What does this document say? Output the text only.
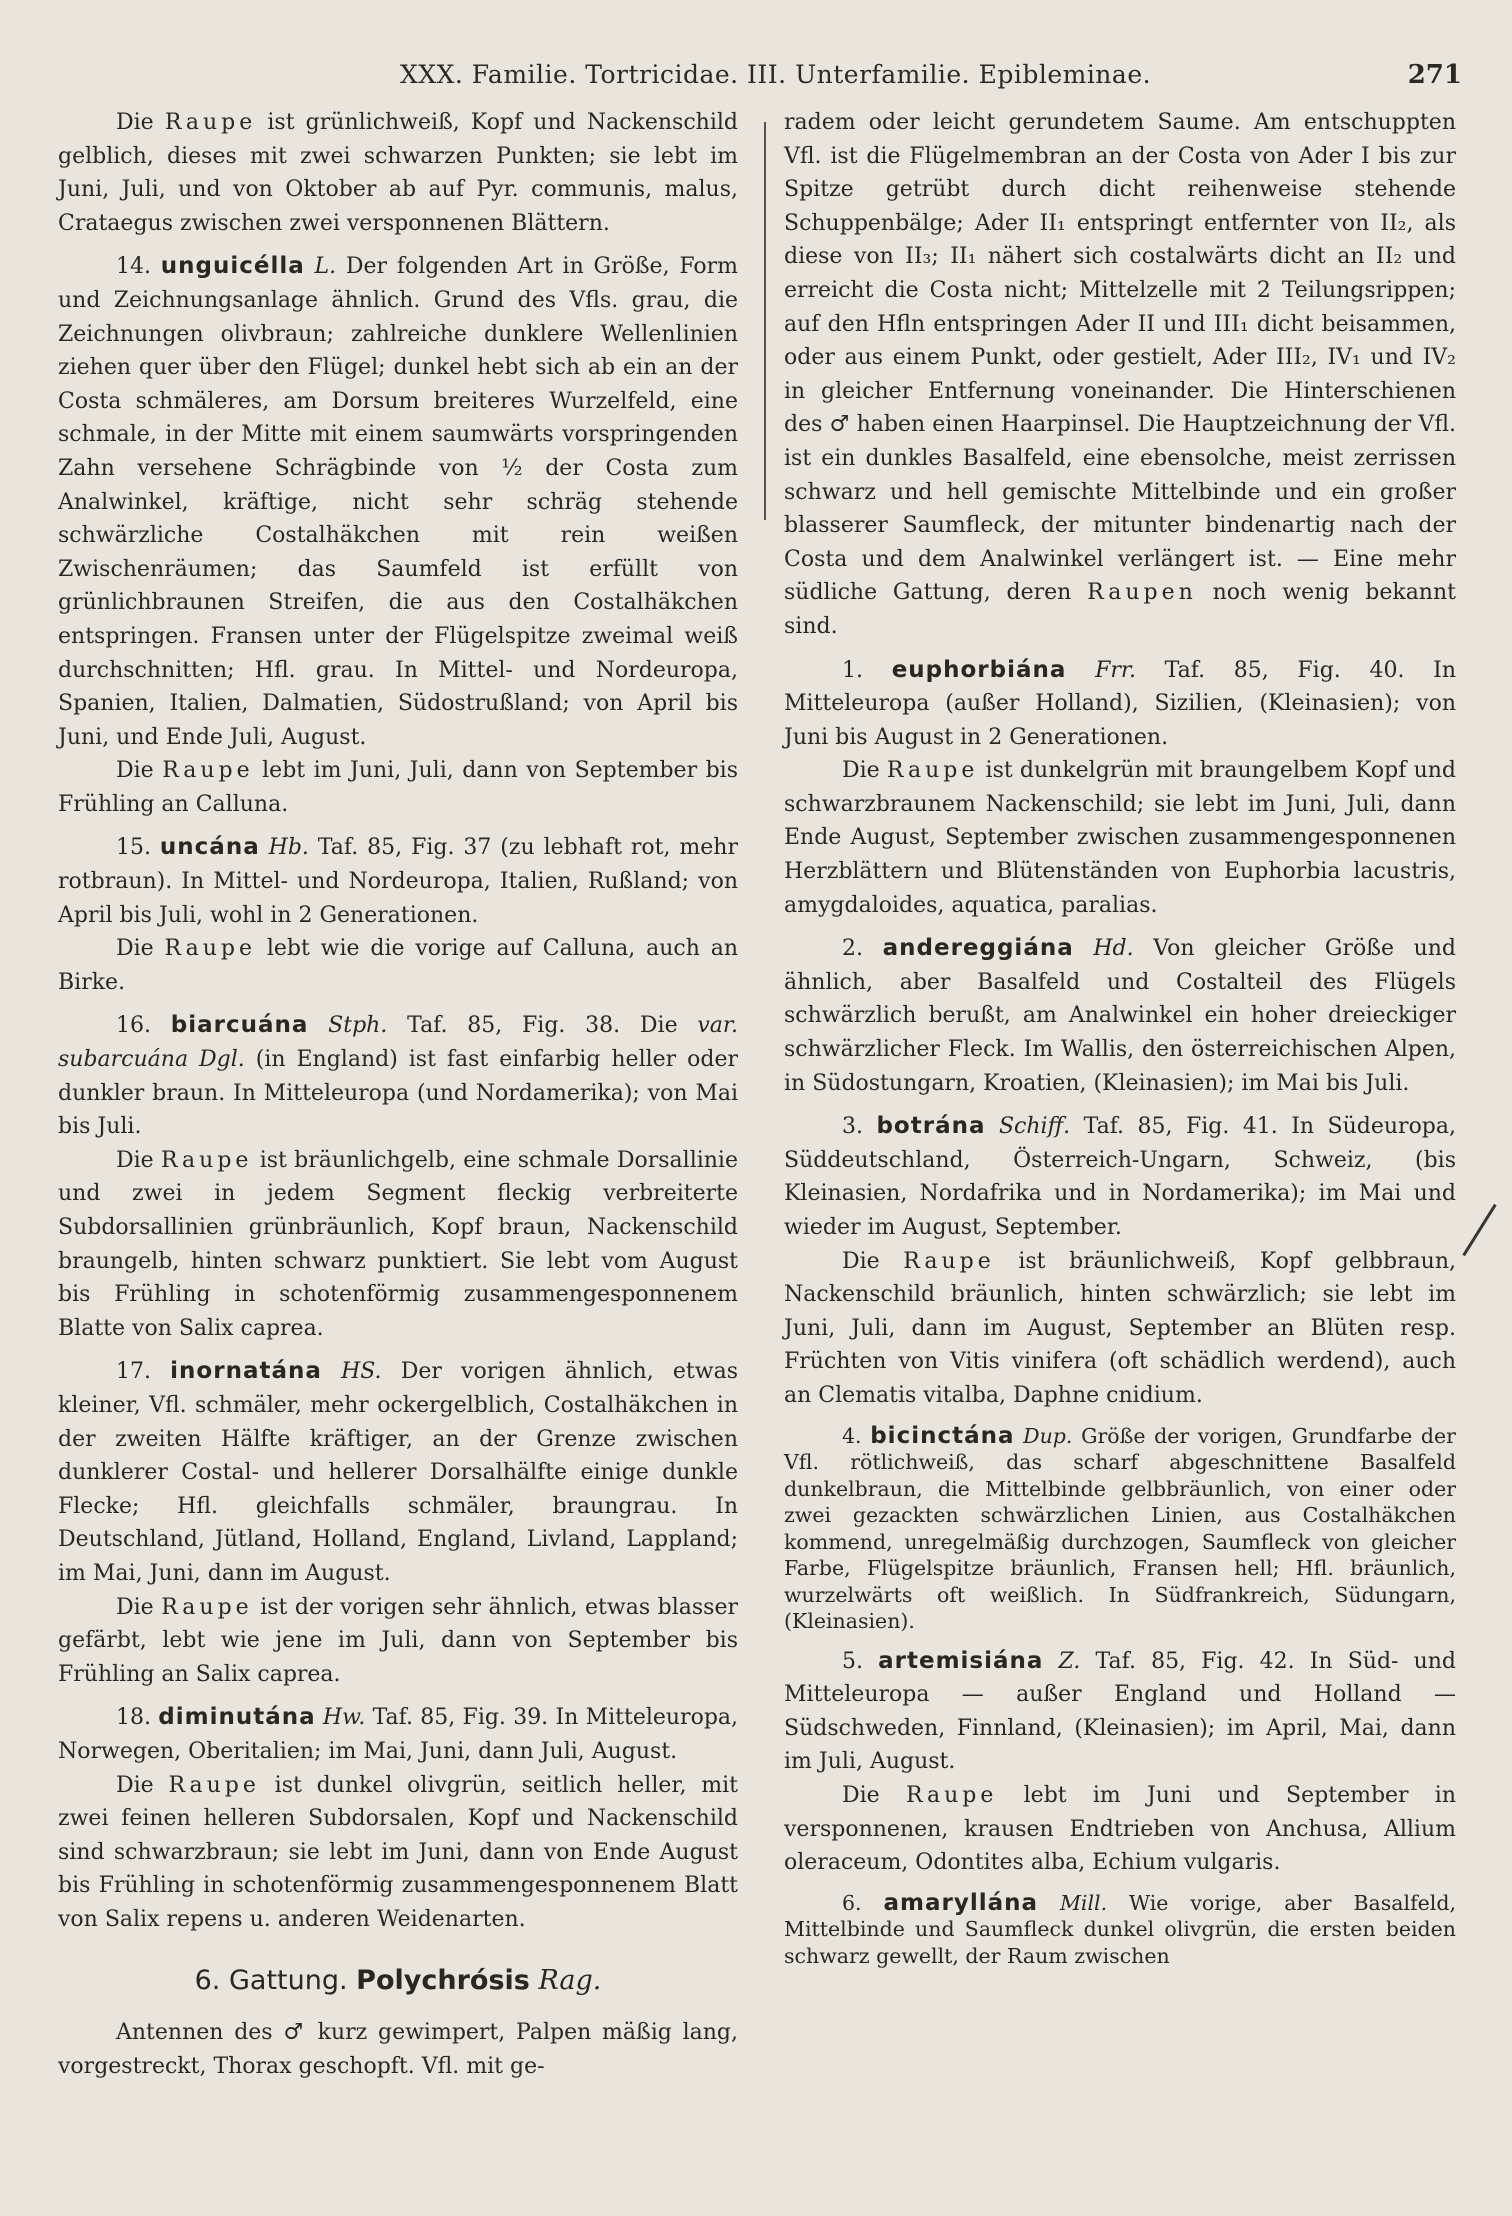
XXX. Familie. Tortricidae. III. Unterfamilie. Epibleminae.	271

Die Raupe ist grünlichweiß, Kopf und Nackenschild gelblich, dieses mit zwei schwarzen Punkten; sie lebt im Juni, Juli, und von Oktober ab auf Pyr. communis, malus, Crataegus zwischen zwei versponnenen Blättern.

14. unguicélla L. Der folgenden Art in Größe, Form und Zeichnungsanlage ähnlich. Grund des Vfls. grau, die Zeichnungen olivbraun; zahlreiche dunklere Wellenlinien ziehen quer über den Flügel; dunkel hebt sich ab ein an der Costa schmäleres, am Dorsum breiteres Wurzelfeld, eine schmale, in der Mitte mit einem saumwärts vorspringenden Zahn versehene Schrägbinde von ½ der Costa zum Analwinkel, kräftige, nicht sehr schräg stehende schwärzliche Costalhäkchen mit rein weißen Zwischenräumen; das Saumfeld ist erfüllt von grünlichbraunen Streifen, die aus den Costalhäkchen entspringen. Fransen unter der Flügelspitze zweimal weiß durchschnitten; Hfl. grau. In Mittel- und Nordeuropa, Spanien, Italien, Dalmatien, Südostrußland; von April bis Juni, und Ende Juli, August.

Die Raupe lebt im Juni, Juli, dann von September bis Frühling an Calluna.

15. uncána Hb. Taf. 85, Fig. 37 (zu lebhaft rot, mehr rotbraun). In Mittel- und Nordeuropa, Italien, Rußland; von April bis Juli, wohl in 2 Generationen.

Die Raupe lebt wie die vorige auf Calluna, auch an Birke.

16. biarcuána Stph. Taf. 85, Fig. 38. Die var. subarcuána Dgl. (in England) ist fast einfarbig heller oder dunkler braun. In Mitteleuropa (und Nordamerika); von Mai bis Juli.

Die Raupe ist bräunlichgelb, eine schmale Dorsallinie und zwei in jedem Segment fleckig verbreiterte Subdorsallinien grünbräunlich, Kopf braun, Nackenschild braungelb, hinten schwarz punktiert. Sie lebt vom August bis Frühling in schotenförmig zusammengesponnenem Blatte von Salix caprea.

17. inornatána HS. Der vorigen ähnlich, etwas kleiner, Vfl. schmäler, mehr ockergelblich, Costalhäkchen in der zweiten Hälfte kräftiger, an der Grenze zwischen dunklerer Costal- und hellerer Dorsalhälfte einige dunkle Flecke; Hfl. gleichfalls schmäler, braungrau. In Deutschland, Jütland, Holland, England, Livland, Lappland; im Mai, Juni, dann im August.

Die Raupe ist der vorigen sehr ähnlich, etwas blasser gefärbt, lebt wie jene im Juli, dann von September bis Frühling an Salix caprea.

18. diminutána Hw. Taf. 85, Fig. 39. In Mitteleuropa, Norwegen, Oberitalien; im Mai, Juni, dann Juli, August.

Die Raupe ist dunkel olivgrün, seitlich heller, mit zwei feinen helleren Subdorsalen, Kopf und Nackenschild sind schwarzbraun; sie lebt im Juni, dann von Ende August bis Frühling in schotenförmig zusammengesponnenem Blatt von Salix repens u. anderen Weidenarten.

6. Gattung. Polychrósis Rag.

Antennen des ♂ kurz gewimpert, Palpen mäßig lang, vorgestreckt, Thorax geschopft. Vfl. mit ge-

radem oder leicht gerundetem Saume. Am entschuppten Vfl. ist die Flügelmembran an der Costa von Ader I bis zur Spitze getrübt durch dicht reihenweise stehende Schuppenbälge; Ader II₁ entspringt entfernter von II₂, als diese von II₃; II₁ nähert sich costalwärts dicht an II₂ und erreicht die Costa nicht; Mittelzelle mit 2 Teilungsrippen; auf den Hfln entspringen Ader II und III₁ dicht beisammen, oder aus einem Punkt, oder gestielt, Ader III₂, IV₁ und IV₂ in gleicher Entfernung voneinander. Die Hinterschienen des ♂ haben einen Haarpinsel. Die Hauptzeichnung der Vfl. ist ein dunkles Basalfeld, eine ebensolche, meist zerrissen schwarz und hell gemischte Mittelbinde und ein großer blasserer Saumfleck, der mitunter bindenartig nach der Costa und dem Analwinkel verlängert ist. — Eine mehr südliche Gattung, deren Raupen noch wenig bekannt sind.

1. euphorbiána Frr. Taf. 85, Fig. 40. In Mitteleuropa (außer Holland), Sizilien, (Kleinasien); von Juni bis August in 2 Generationen.

Die Raupe ist dunkelgrün mit braungelbem Kopf und schwarzbraunem Nackenschild; sie lebt im Juni, Juli, dann Ende August, September zwischen zusammengesponnenen Herzblättern und Blütenständen von Euphorbia lacustris, amygdaloides, aquatica, paralias.

2. andereggiána Hd. Von gleicher Größe und ähnlich, aber Basalfeld und Costalteil des Flügels schwärzlich berußt, am Analwinkel ein hoher dreieckiger schwärzlicher Fleck. Im Wallis, den österreichischen Alpen, in Südostungarn, Kroatien, (Kleinasien); im Mai bis Juli.

3. botrána Schiff. Taf. 85, Fig. 41. In Südeuropa, Süddeutschland, Österreich-Ungarn, Schweiz, (bis Kleinasien, Nordafrika und in Nordamerika); im Mai und wieder im August, September.

Die Raupe ist bräunlichweiß, Kopf gelbbraun, Nackenschild bräunlich, hinten schwärzlich; sie lebt im Juni, Juli, dann im August, September an Blüten resp. Früchten von Vitis vinifera (oft schädlich werdend), auch an Clematis vitalba, Daphne cnidium.

4. bicinctána Dup. Größe der vorigen, Grundfarbe der Vfl. rötlichweiß, das scharf abgeschnittene Basalfeld dunkelbraun, die Mittelbinde gelbbräunlich, von einer oder zwei gezackten schwärzlichen Linien, aus Costalhäkchen kommend, unregelmäßig durchzogen, Saumfleck von gleicher Farbe, Flügelspitze bräunlich, Fransen hell; Hfl. bräunlich, wurzelwärts oft weißlich. In Südfrankreich, Südungarn, (Kleinasien).

5. artemisiána Z. Taf. 85, Fig. 42. In Süd- und Mitteleuropa — außer England und Holland — Südschweden, Finnland, (Kleinasien); im April, Mai, dann im Juli, August.

Die Raupe lebt im Juni und September in versponnenen, krausen Endtrieben von Anchusa, Allium oleraceum, Odontites alba, Echium vulgaris.

6. amaryllána Mill. Wie vorige, aber Basalfeld, Mittelbinde und Saumfleck dunkel olivgrün, die ersten beiden schwarz gewellt, der Raum zwischen
